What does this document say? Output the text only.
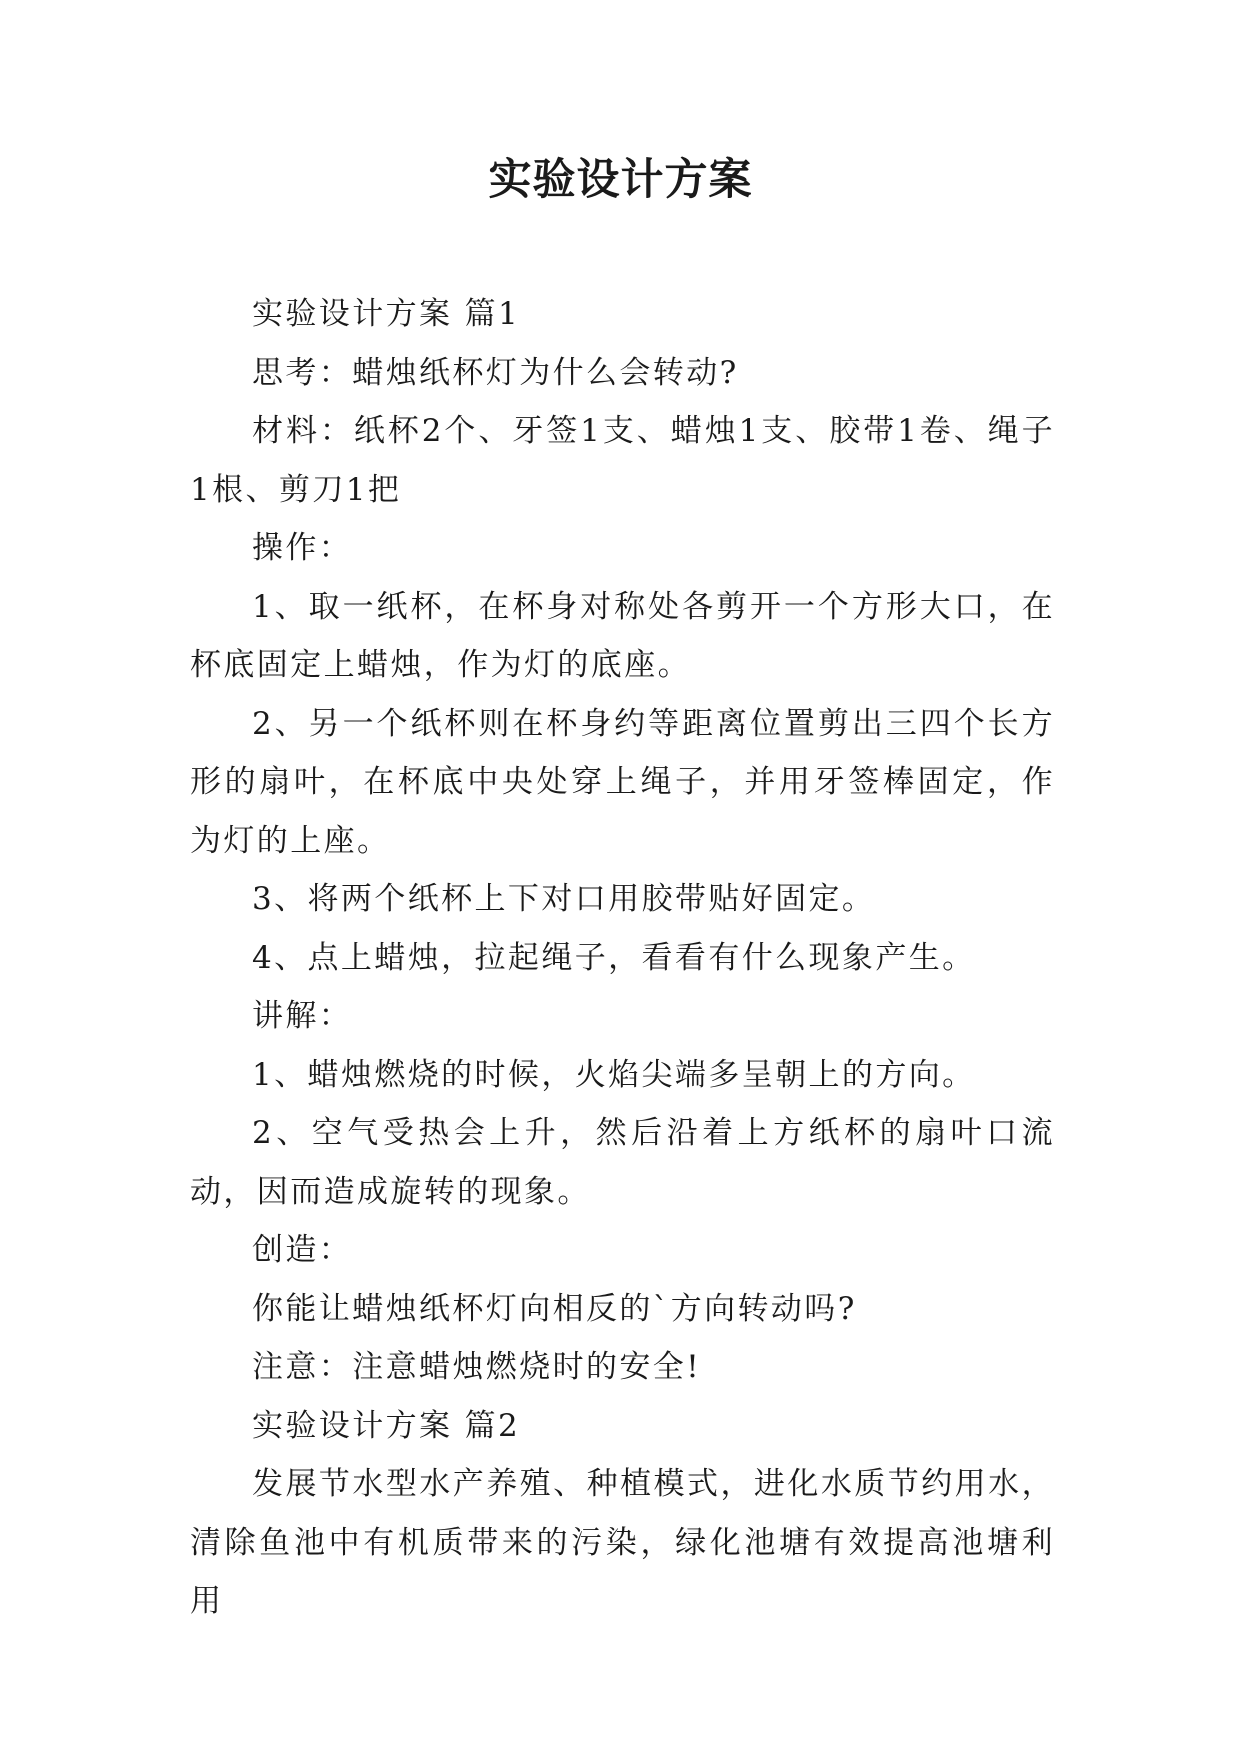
实验设计方案

实验设计方案 篇1

思考：蜡烛纸杯灯为什么会转动?

材料：纸杯2个、牙签1支、蜡烛1支、胶带1卷、绳子1根、剪刀1把

操作：

1、取一纸杯，在杯身对称处各剪开一个方形大口，在杯底固定上蜡烛，作为灯的底座。

2、另一个纸杯则在杯身约等距离位置剪出三四个长方形的扇叶，在杯底中央处穿上绳子，并用牙签棒固定，作为灯的上座。

3、将两个纸杯上下对口用胶带贴好固定。

4、点上蜡烛，拉起绳子，看看有什么现象产生。

讲解：

1、蜡烛燃烧的时候，火焰尖端多呈朝上的方向。

2、空气受热会上升，然后沿着上方纸杯的扇叶口流动，因而造成旋转的现象。

创造：

你能让蜡烛纸杯灯向相反的`方向转动吗?

注意：注意蜡烛燃烧时的安全!

实验设计方案 篇2

发展节水型水产养殖、种植模式，进化水质节约用水，清除鱼池中有机质带来的污染，绿化池塘有效提高池塘利用
